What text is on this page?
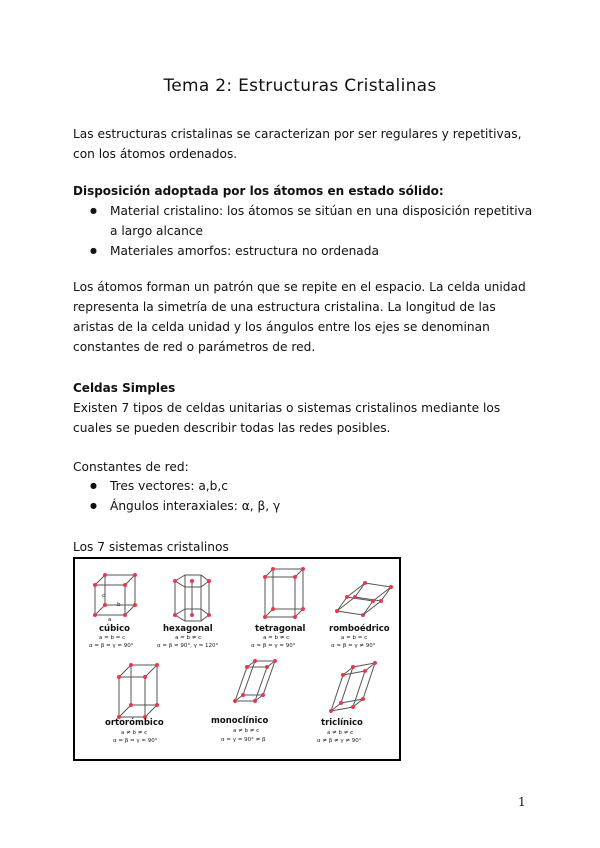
Tema 2: Estructuras Cristalinas
Las estructuras cristalinas se caracterizan por ser regulares y repetitivas, con los átomos ordenados.
Disposición adoptada por los átomos en estado sólido:
● Material cristalino: los átomos se sitúan en una disposición repetitiva a largo alcance
● Materiales amorfos: estructura no ordenada
Los átomos forman un patrón que se repite en el espacio. La celda unidad representa la simetría de una estructura cristalina. La longitud de las aristas de la celda unidad y los ángulos entre los ejes se denominan constantes de red o parámetros de red.
Celdas Simples
Existen 7 tipos de celdas unitarias o sistemas cristalinos mediante los cuales se pueden describir todas las redes posibles.
Constantes de red:
● Tres vectores: a,b,c
● Ángulos interaxiales: α, β, γ
Los 7 sistemas cristalinos
c
b
a
cúbico
a = b = c
α = β = γ = 90°
hexagonal
a = b ≠ c
α = β = 90°, γ = 120°
tetragonal
a = b ≠ c
α = β = γ = 90°
romboédrico
a = b = c
α = β = γ ≠ 90°
ortorómbico
a ≠ b ≠ c
α = β = γ = 90°
monoclínico
a ≠ b ≠ c
α = γ = 90° ≠ β
triclínico
a ≠ b ≠ c
α ≠ β ≠ γ ≠ 90°
1
